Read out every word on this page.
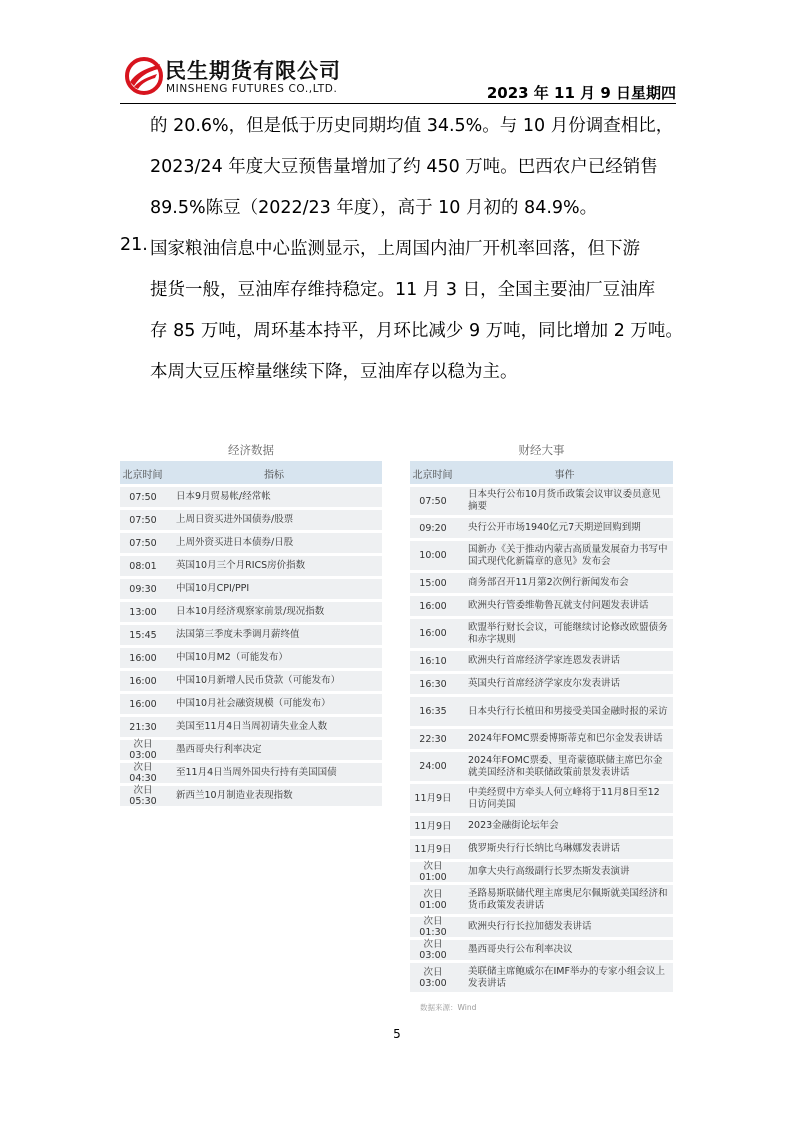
民生期货有限公司
MINSHENG FUTURES CO.,LTD.	2023 年 11 月 9 日星期四
的 20.6%，但是低于历史同期均值 34.5%。与 10 月份调查相比，
2023/24 年度大豆预售量增加了约 450 万吨。巴西农户已经销售
89.5%陈豆（2022/23 年度），高于 10 月初的 84.9%。
21. 国家粮油信息中心监测显示，上周国内油厂开机率回落，但下游
提货一般，豆油库存维持稳定。11 月 3 日，全国主要油厂豆油库
存 85 万吨，周环基本持平，月环比减少 9 万吨，同比增加 2 万吨。
本周大豆压榨量继续下降，豆油库存以稳为主。
经济数据
北京时间	指标
07:50	日本9月贸易帐/经常帐
07:50	上周日资买进外国债券/股票
07:50	上周外资买进日本债券/日股
08:01	英国10月三个月RICS房价指数
09:30	中国10月CPI/PPI
13:00	日本10月经济观察家前景/现况指数
15:45	法国第三季度未季调月薪终值
16:00	中国10月M2（可能发布）
16:00	中国10月新增人民币贷款（可能发布）
16:00	中国10月社会融资规模（可能发布）
21:30	美国至11月4日当周初请失业金人数
次日 03:00
墨西哥央行利率决定
次日 04:30
至11月4日当周外国央行持有美国国债
次日 05:30
新西兰10月制造业表现指数
财经大事
北京时间	事件
07:50
日本央行公布10月货币政策会议审议委员意见摘要
09:20	央行公开市场1940亿元7天期逆回购到期
10:00
国新办《关于推动内蒙古高质量发展奋力书写中国式现代化新篇章的意见》发布会
15:00	商务部召开11月第2次例行新闻发布会
16:00	欧洲央行管委维勒鲁瓦就支付问题发表讲话
16:00
欧盟举行财长会议，可能继续讨论修改欧盟债务和赤字规则
16:10	欧洲央行首席经济学家连恩发表讲话
16:30	英国央行首席经济学家皮尔发表讲话
16:35	日本央行行长植田和男接受美国金融时报的采访
22:30	2024年FOMC票委博斯蒂克和巴尔金发表讲话
24:00
2024年FOMC票委、里奇蒙德联储主席巴尔金就美国经济和美联储政策前景发表讲话
11月9日
中美经贸中方牵头人何立峰将于11月8日至12日访问美国
11月9日	2023金融街论坛年会
11月9日	俄罗斯央行行长纳比乌琳娜发表讲话
次日 01:00
加拿大央行高级副行长罗杰斯发表演讲
次日 01:00
圣路易斯联储代理主席奥尼尔佩斯就美国经济和货币政策发表讲话
次日 01:30
欧洲央行行长拉加德发表讲话
次日 03:00
墨西哥央行公布利率决议
次日 03:00
美联储主席鲍威尔在IMF举办的专家小组会议上发表讲话
数据来源：Wind
5
